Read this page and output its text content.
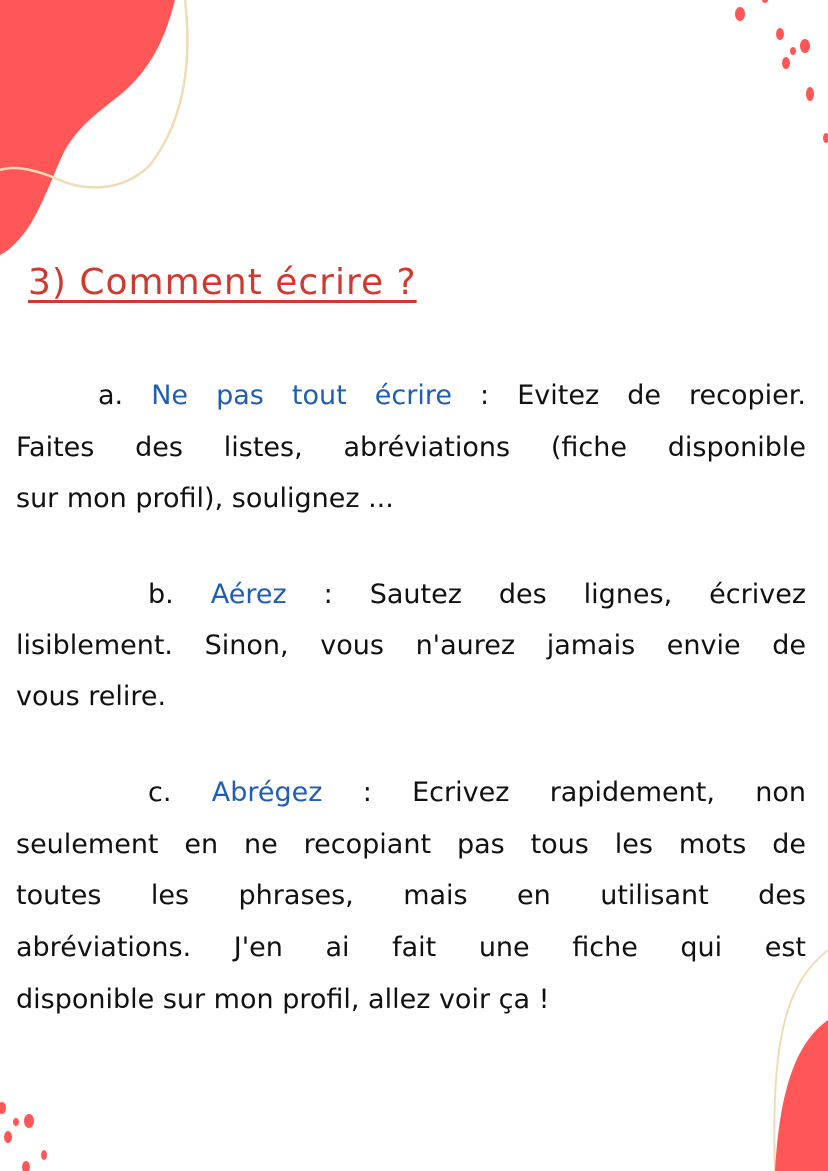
3) Comment écrire ?
a. Ne pas tout écrire : Evitez de recopier.
Faites des listes, abréviations (fiche disponible
sur mon profil), soulignez ...
b. Aérez : Sautez des lignes, écrivez
lisiblement. Sinon, vous n'aurez jamais envie de
vous relire.
c. Abrégez : Ecrivez rapidement, non
seulement en ne recopiant pas tous les mots de
toutes les phrases, mais en utilisant des
abréviations. J'en ai fait une fiche qui est
disponible sur mon profil, allez voir ça !
